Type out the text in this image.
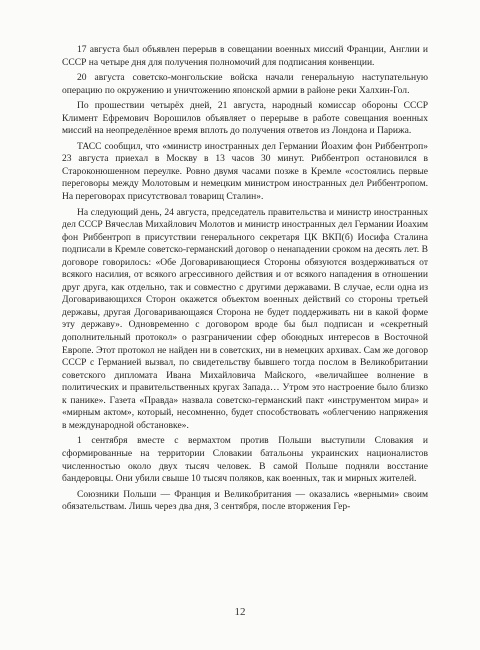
17 августа был объявлен перерыв в совещании военных миссий Франции, Англии и СССР на четыре дня для получения полномочий для подписания конвенции.

20 августа советско-монгольские войска начали генеральную наступательную операцию по окружению и уничтожению японской армии в районе реки Халхин-Гол.

По прошествии четырёх дней, 21 августа, народный комиссар обороны СССР Климент Ефремович Ворошилов объявляет о перерыве в работе совещания военных миссий на неопределённое время вплоть до получения ответов из Лондона и Парижа.

ТАСС сообщил, что «министр иностранных дел Германии Йоахим фон Риббентроп» 23 августа приехал в Москву в 13 часов 30 минут. Риббентроп остановился в Староконюшенном переулке. Ровно двумя часами позже в Кремле «состоялись первые переговоры между Молотовым и немецким министром иностранных дел Риббентропом. На переговорах присутствовал товарищ Сталин».

На следующий день, 24 августа, председатель правительства и министр иностранных дел СССР Вячеслав Михайлович Молотов и министр иностранных дел Германии Иоахим фон Риббентроп в присутствии генерального секретаря ЦК ВКП(б) Иосифа Сталина подписали в Кремле советско-германский договор о ненападении сроком на десять лет. В договоре говорилось: «Обе Договаривающиеся Стороны обязуются воздерживаться от всякого насилия, от всякого агрессивного действия и от всякого нападения в отношении друг друга, как отдельно, так и совместно с другими державами. В случае, если одна из Договаривающихся Сторон окажется объектом военных действий со стороны третьей державы, другая Договаривающаяся Сторона не будет поддерживать ни в какой форме эту державу». Одновременно с договором вроде бы был подписан и «секретный дополнительный протокол» о разграничении сфер обоюдных интересов в Восточной Европе. Этот протокол не найден ни в советских, ни в немецких архивах. Сам же договор СССР с Германией вызвал, по свидетельству бывшего тогда послом в Великобритании советского дипломата Ивана Михайловича Майского, «величайшее волнение в политических и правительственных кругах Запада… Утром это настроение было близко к панике». Газета «Правда» назвала советско-германский пакт «инструментом мира» и «мирным актом», который, несомненно, будет способствовать «облегчению напряжения в международной обстановке».

1 сентября вместе с вермахтом против Польши выступили Словакия и сформированные на территории Словакии батальоны украинских националистов численностью около двух тысяч человек. В самой Польше подняли восстание бандеровцы. Они убили свыше 10 тысяч поляков, как военных, так и мирных жителей.

Союзники Польши — Франция и Великобритания — оказались «верными» своим обязательствам. Лишь через два дня, 3 сентября, после вторжения Гер-

12
